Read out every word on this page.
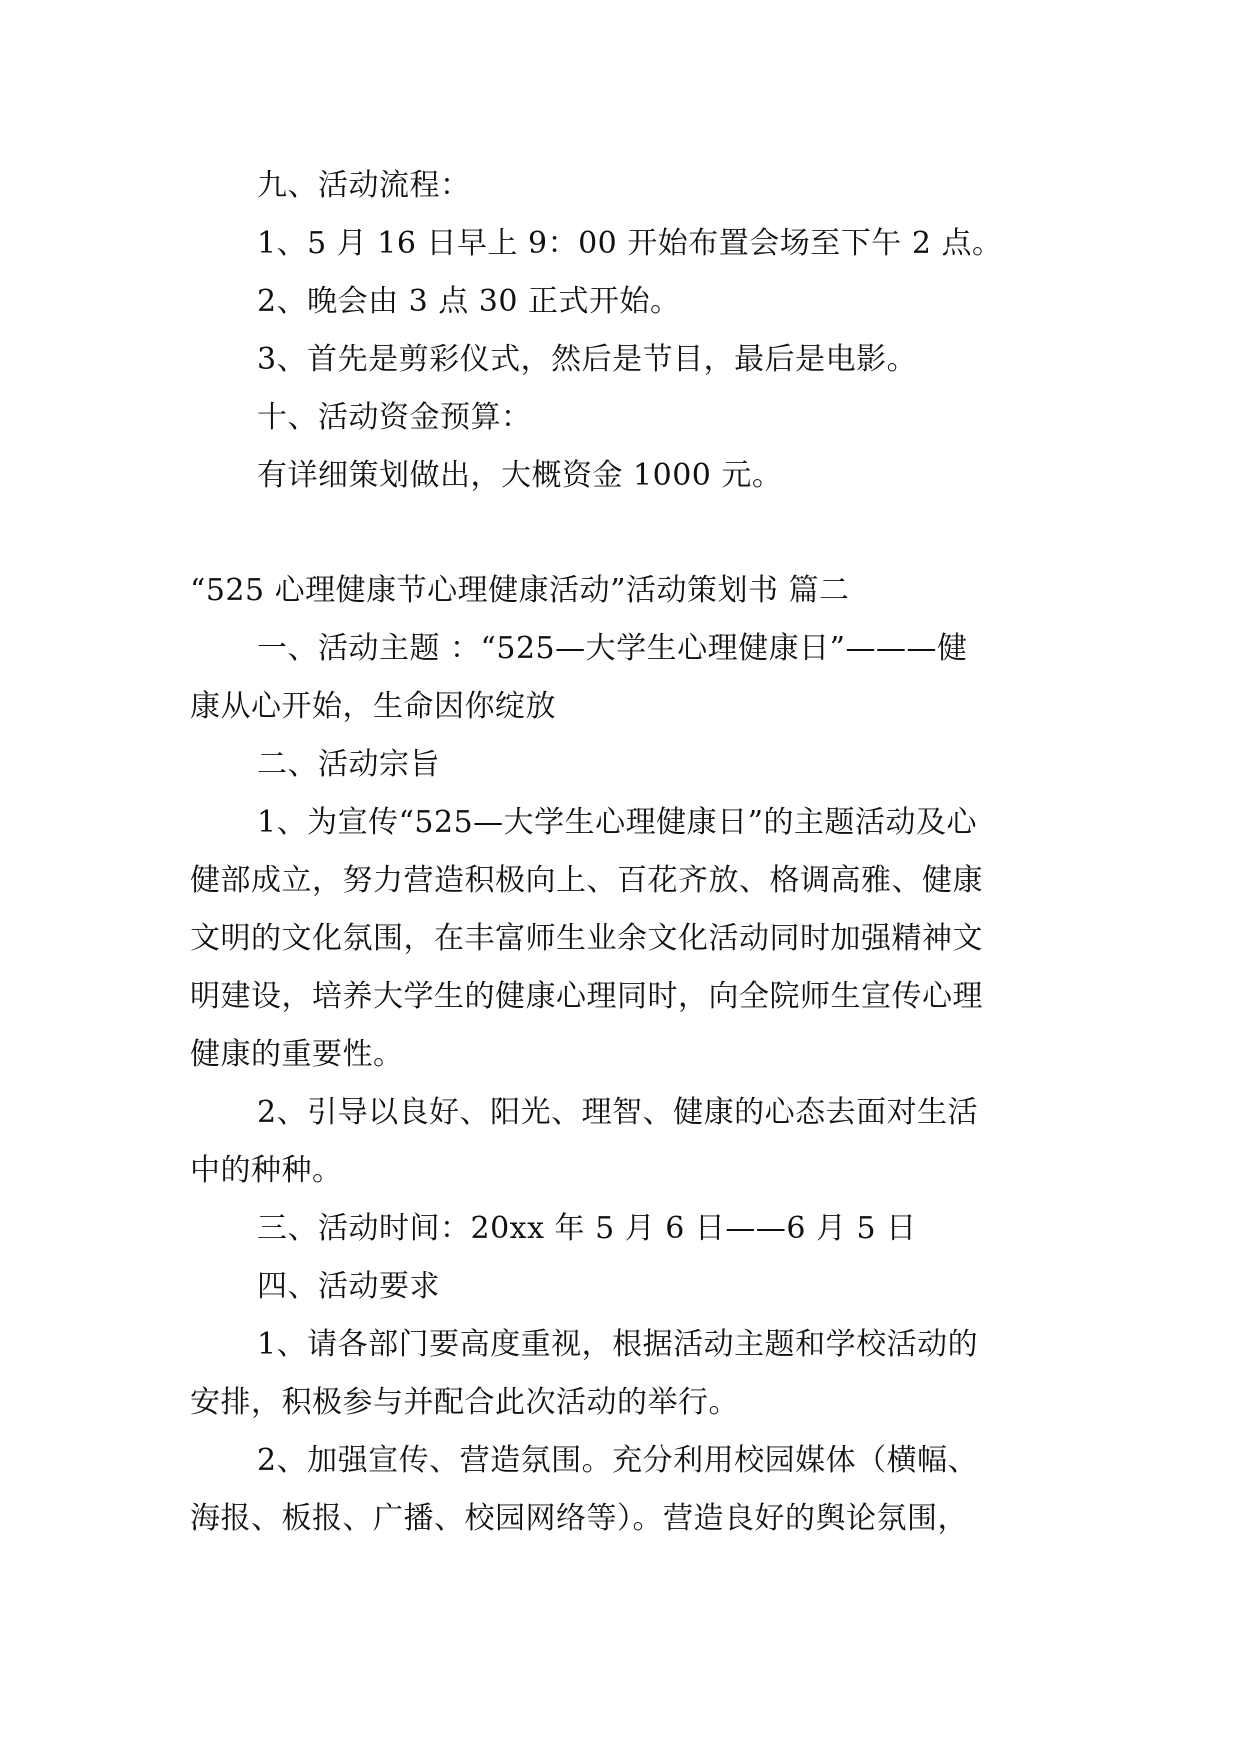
九、活动流程：
1、5 月 16 日早上 9：00 开始布置会场至下午 2 点。
2、晚会由 3 点 30 正式开始。
3、首先是剪彩仪式，然后是节目，最后是电影。
十、活动资金预算：
有详细策划做出，大概资金 1000 元。
“525 心理健康节心理健康活动”活动策划书 篇二
一、活动主题 ：“525—大学生心理健康日”———健
康从心开始，生命因你绽放
二、活动宗旨
1、为宣传“525—大学生心理健康日”的主题活动及心
健部成立，努力营造积极向上、百花齐放、格调高雅、健康
文明的文化氛围，在丰富师生业余文化活动同时加强精神文
明建设，培养大学生的健康心理同时，向全院师生宣传心理
健康的重要性。
2、引导以良好、阳光、理智、健康的心态去面对生活
中的种种。
三、活动时间：20xx 年 5 月 6 日——6 月 5 日
四、活动要求
1、请各部门要高度重视，根据活动主题和学校活动的
安排，积极参与并配合此次活动的举行。
2、加强宣传、营造氛围。充分利用校园媒体（横幅、
海报、板报、广播、校园网络等）。营造良好的舆论氛围，
